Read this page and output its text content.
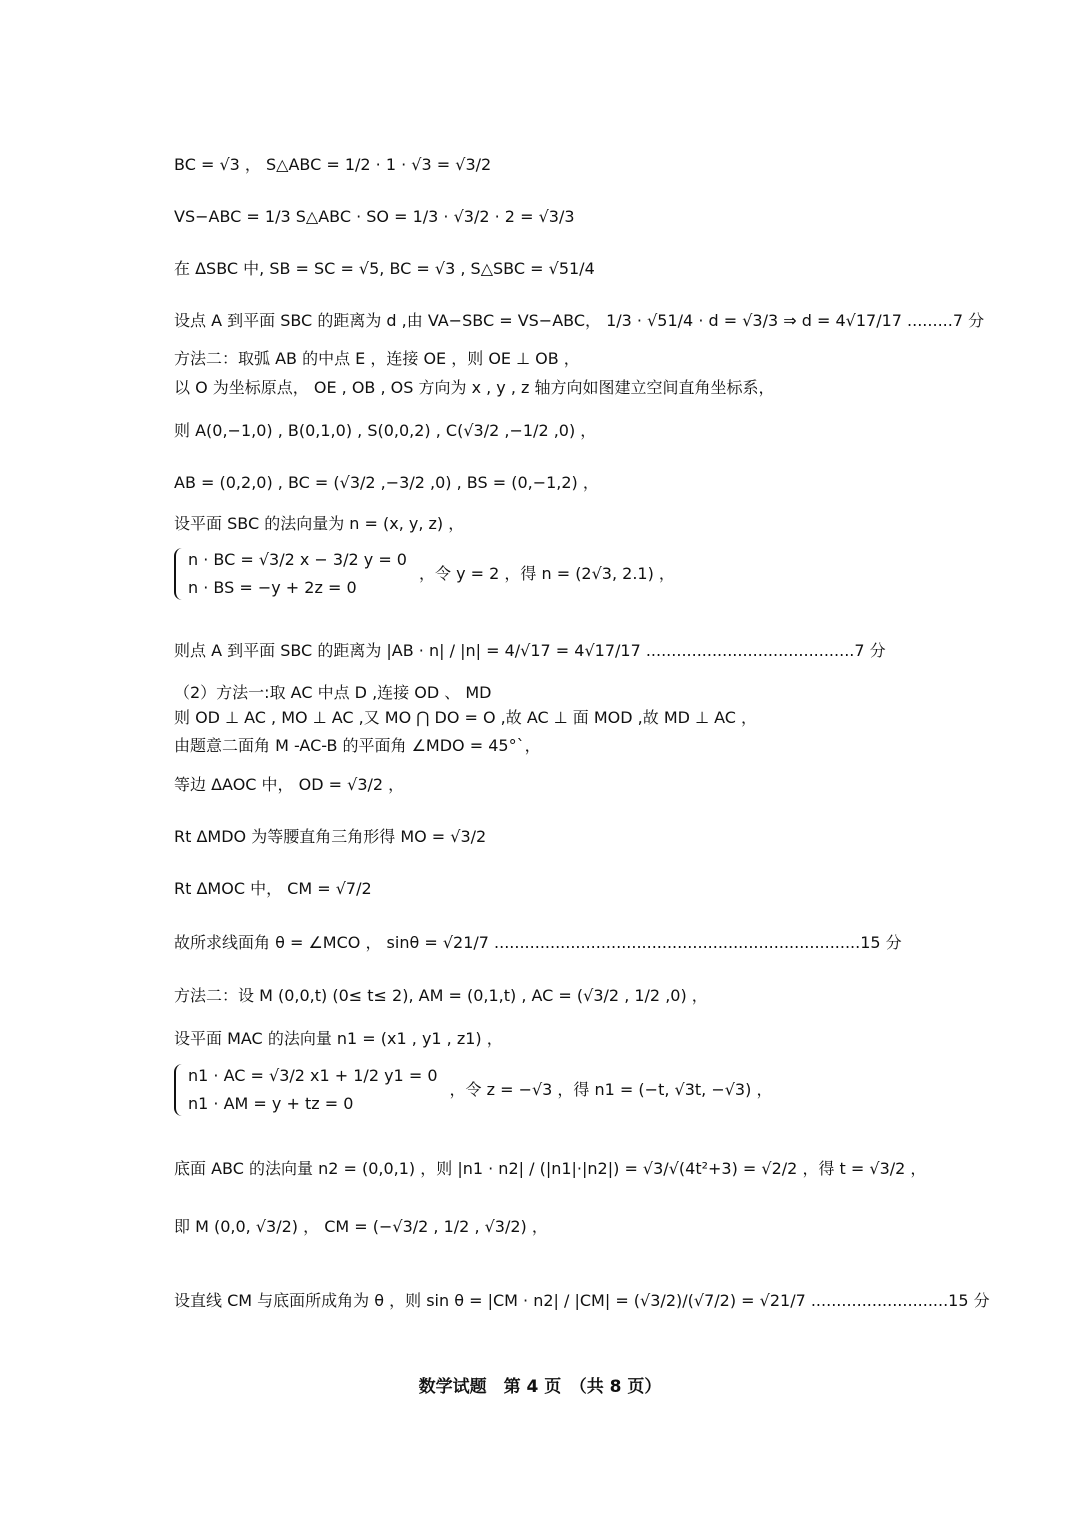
BC = √3 ， S△ABC = 1/2 · 1 · √3 = √3/2
VS−ABC = 1/3 S△ABC · SO = 1/3 · √3/2 · 2 = √3/3
在 ΔSBC 中, SB = SC = √5, BC = √3 , S△SBC = √51/4
设点 A 到平面 SBC 的距离为 d ,由 VA−SBC = VS−ABC， 1/3 · √51/4 · d = √3/3 ⇒ d = 4√17/17 .........7 分
方法二：取弧 AB 的中点 E ，连接 OE ，则 OE ⊥ OB ，
以 O 为坐标原点， OE , OB , OS 方向为 x , y , z 轴方向如图建立空间直角坐标系，
则 A(0,−1,0) , B(0,1,0) , S(0,0,2) , C(√3/2 ,−1/2 ,0) ，
AB = (0,2,0) , BC = (√3/2 ,−3/2 ,0) , BS = (0,−1,2) ，
设平面 SBC 的法向量为 n = (x, y, z) ，
n · BC = √3/2 x − 3/2 y = 0
n · BS = −y + 2z = 0
，令 y = 2 ，得 n = (2√3, 2.1) ，
则点 A 到平面 SBC 的距离为 |AB · n| / |n| = 4/√17 = 4√17/17 .........................................7 分
（2）方法一:取 AC 中点 D ,连接 OD 、 MD
则 OD ⊥ AC , MO ⊥ AC ,又 MO ⋂ DO = O ,故 AC ⊥ 面 MOD ,故 MD ⊥ AC ，
由题意二面角 M -AC-B 的平面角 ∠MDO = 45°`，
等边 ΔAOC 中， OD = √3/2 ，
Rt ΔMDO 为等腰直角三角形得 MO = √3/2
Rt ΔMOC 中， CM = √7/2
故所求线面角 θ = ∠MCO ， sinθ = √21/7 ........................................................................15 分
方法二：设 M (0,0,t) (0≤ t≤ 2), AM = (0,1,t) , AC = (√3/2 , 1/2 ,0) ，
设平面 MAC 的法向量 n1 = (x1 , y1 , z1) ，
n1 · AC = √3/2 x1 + 1/2 y1 = 0
n1 · AM = y + tz = 0
，令 z = −√3 ，得 n1 = (−t, √3t, −√3) ，
底面 ABC 的法向量 n2 = (0,0,1) ，则 |n1 · n2| / (|n1|·|n2|) = √3/√(4t²+3) = √2/2 ，得 t = √3/2 ，
即 M (0,0, √3/2) ， CM = (−√3/2 , 1/2 , √3/2) ，
设直线 CM 与底面所成角为 θ ，则 sin θ = |CM · n2| / |CM| = (√3/2)/(√7/2) = √21/7 ...........................15 分
数学试题　第 4 页　（共 8 页）
